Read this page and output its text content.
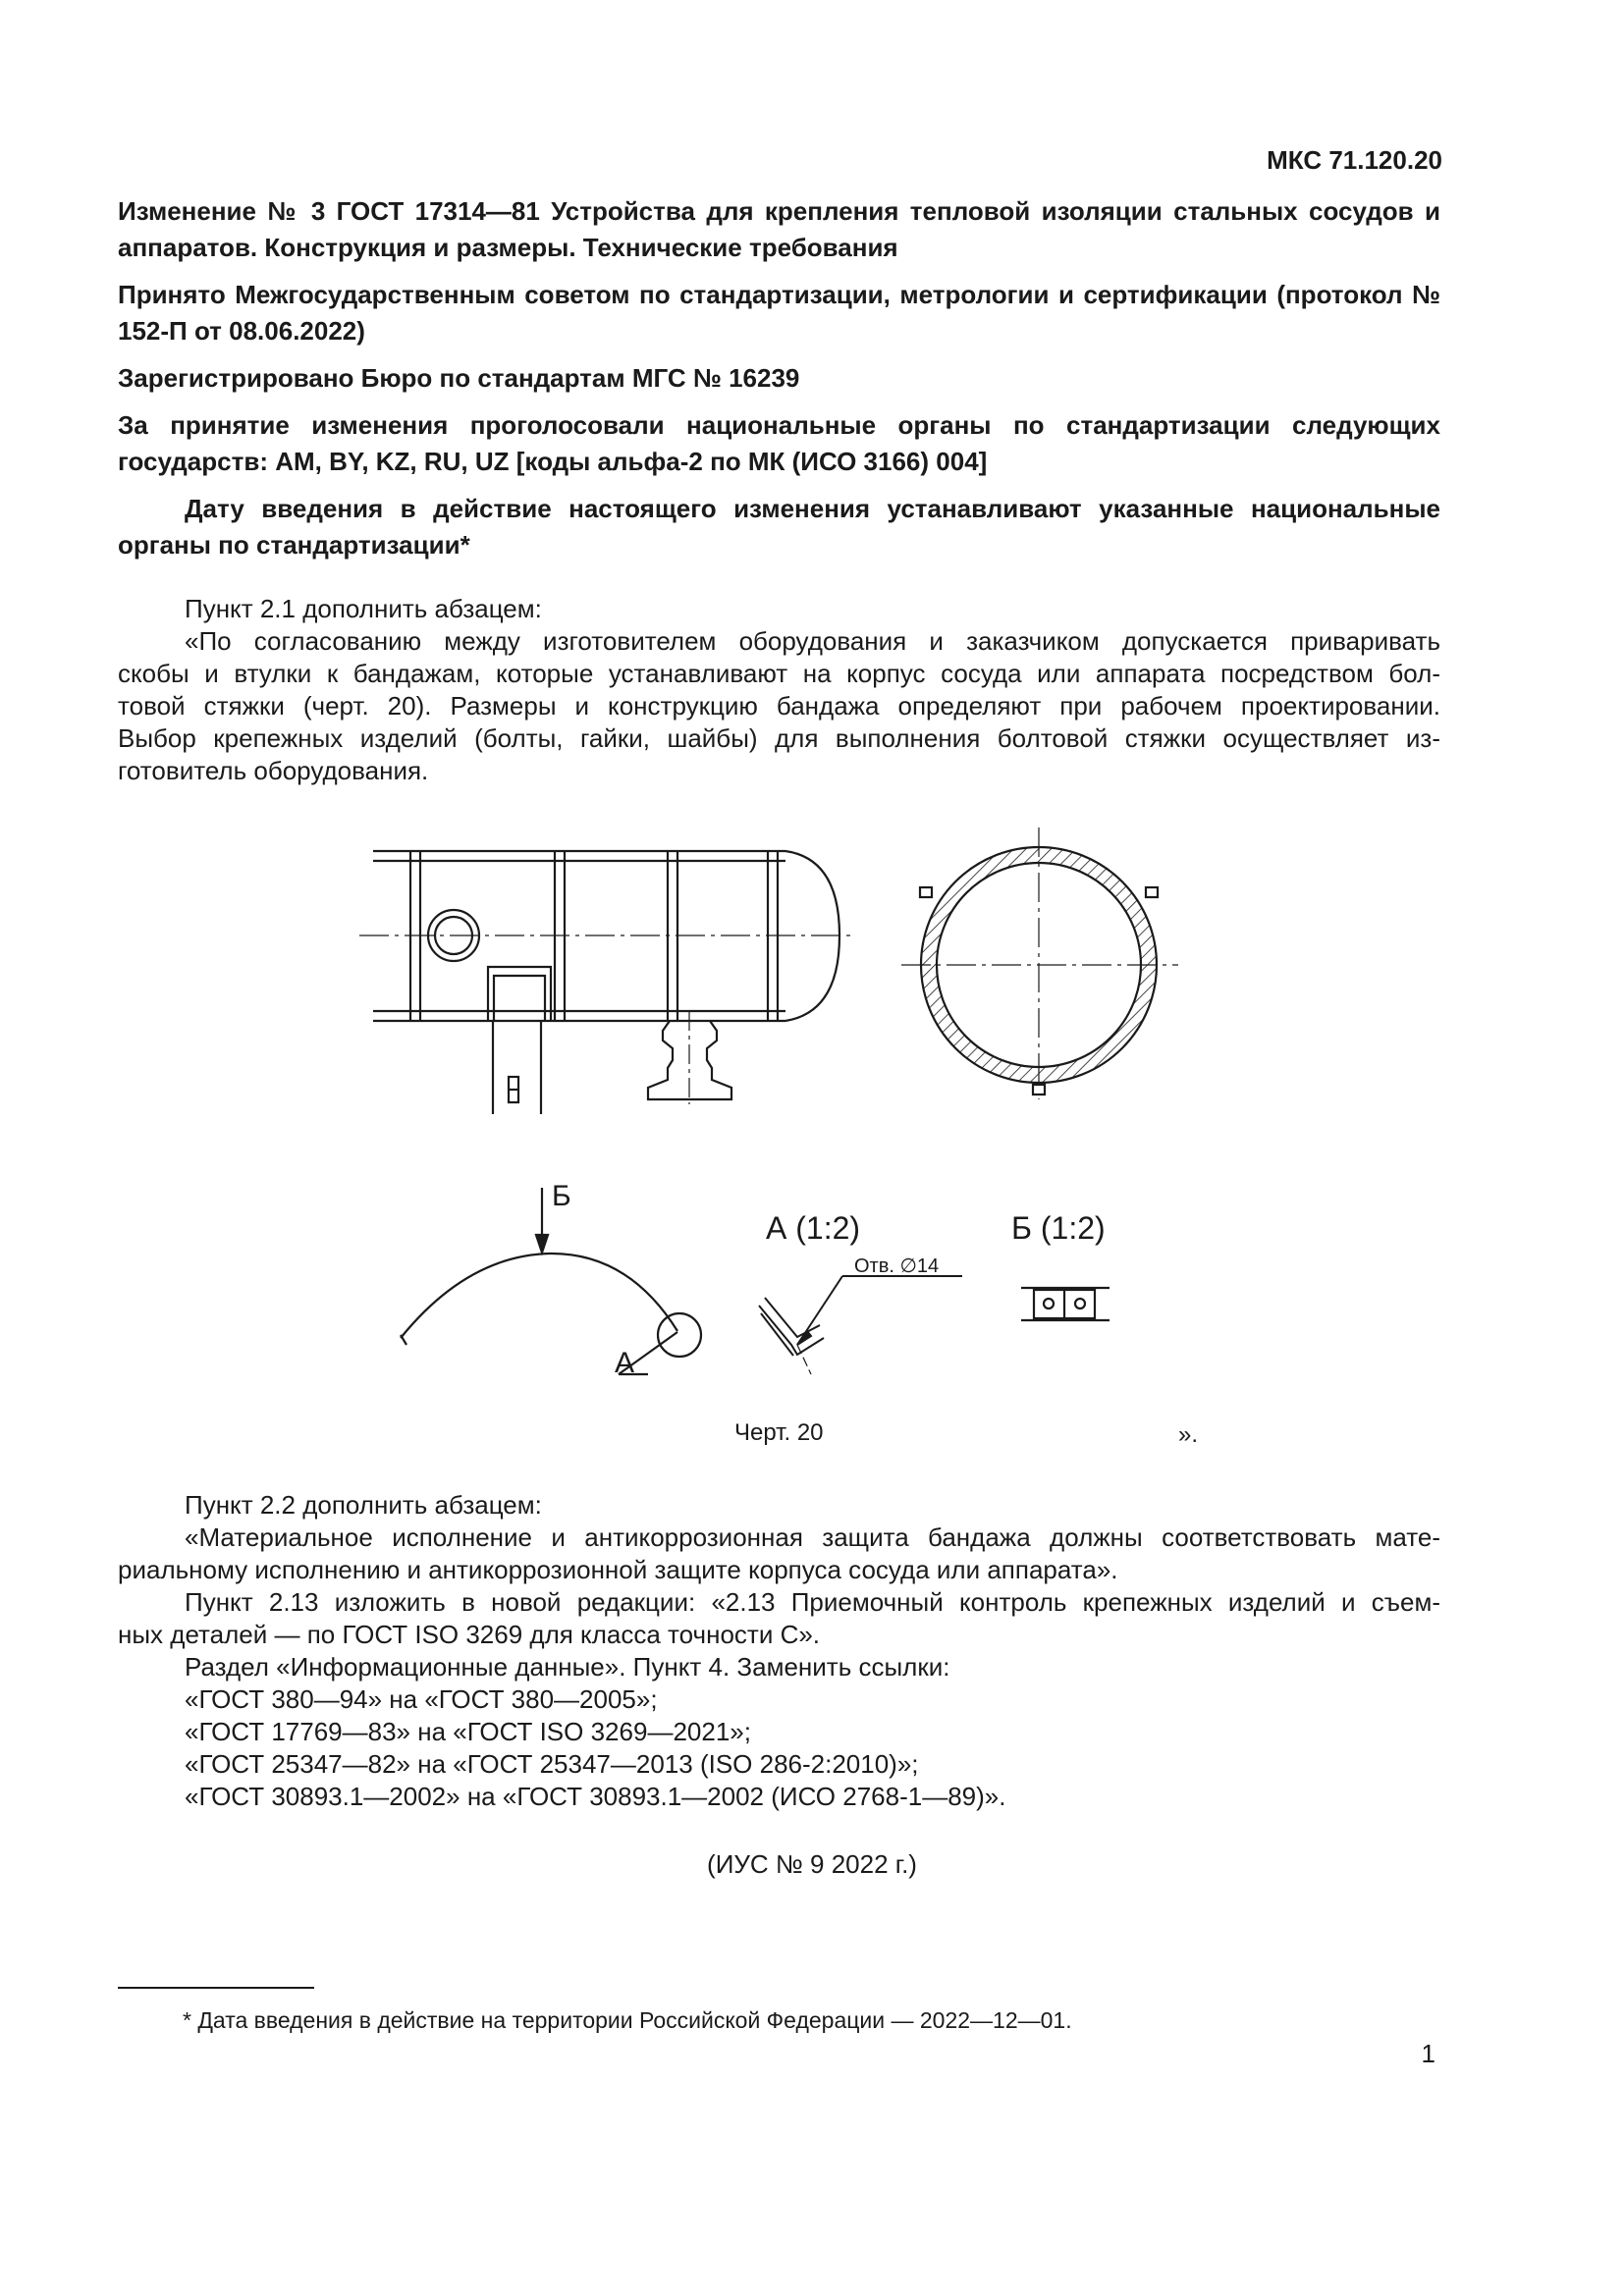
МКС 71.120.20
Изменение № 3 ГОСТ 17314—81 Устройства для крепления тепловой изоляции стальных сосудов и аппаратов. Конструкция и размеры. Технические требования
Принято Межгосударственным советом по стандартизации, метрологии и сертификации (протокол № 152-П от 08.06.2022)
Зарегистрировано Бюро по стандартам МГС № 16239
За принятие изменения проголосовали национальные органы по стандартизации следующих государств: AM, BY, KZ, RU, UZ [коды альфа-2 по МК (ИСО 3166) 004]
Дату введения в действие настоящего изменения устанавливают указанные национальные органы по стандартизации*
Пункт 2.1 дополнить абзацем:
«По согласованию между изготовителем оборудования и заказчиком допускается приваривать
скобы и втулки к бандажам, которые устанавливают на корпус сосуда или аппарата посредством бол-
товой стяжки (черт. 20). Размеры и конструкцию бандажа определяют при рабочем проектировании.
Выбор крепежных изделий (болты, гайки, шайбы) для выполнения болтовой стяжки осуществляет из-
готовитель оборудования.
Б
А
А (1:2)
Отв. ∅14
Б (1:2)
Черт. 20	».
Пункт 2.2 дополнить абзацем:
«Материальное исполнение и антикоррозионная защита бандажа должны соответствовать мате-
риальному исполнению и антикоррозионной защите корпуса сосуда или аппарата».
Пункт 2.13 изложить в новой редакции: «2.13 Приемочный контроль крепежных изделий и съем-
ных деталей — по ГОСТ ISO 3269 для класса точности С».
Раздел «Информационные данные». Пункт 4. Заменить ссылки:
«ГОСТ 380—94» на «ГОСТ 380—2005»;
«ГОСТ 17769—83» на «ГОСТ ISO 3269—2021»;
«ГОСТ 25347—82» на «ГОСТ 25347—2013 (ISO 286-2:2010)»;
«ГОСТ 30893.1—2002» на «ГОСТ 30893.1—2002 (ИСО 2768-1—89)».
(ИУС № 9 2022 г.)
* Дата введения в действие на территории Российской Федерации — 2022—12—01.
1
